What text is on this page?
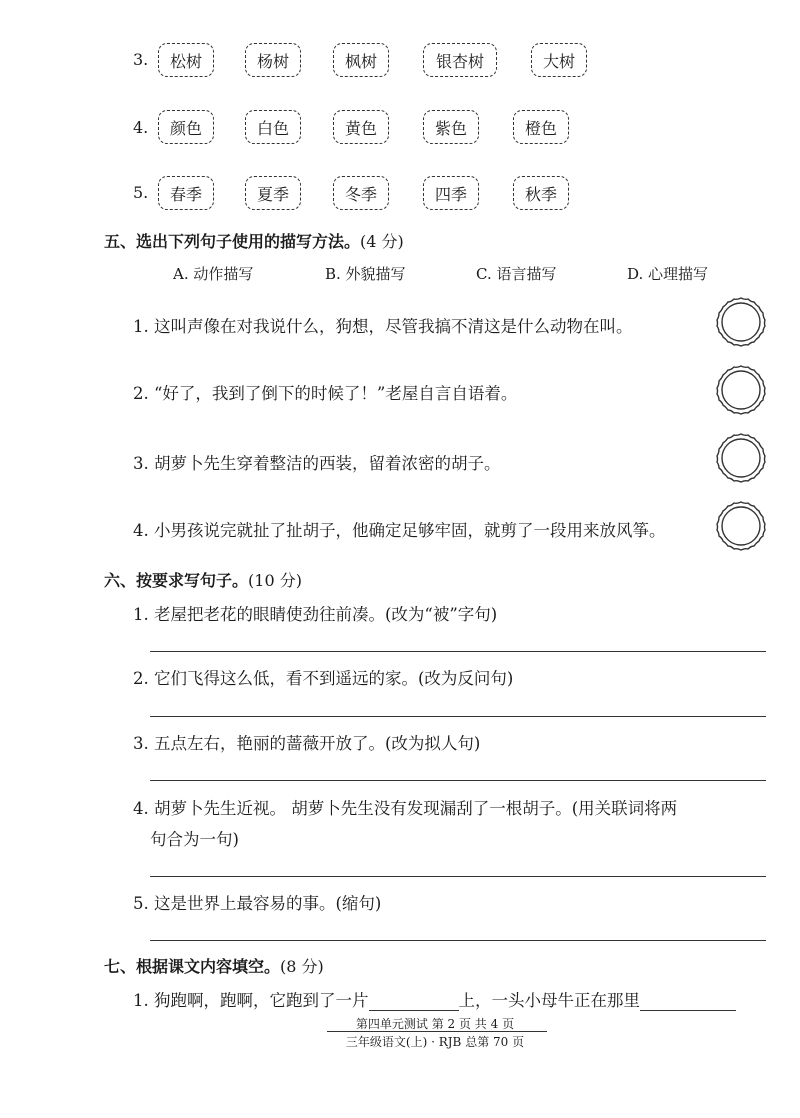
3.	松树	杨树	枫树	银杏树	大树
4.	颜色	白色	黄色	紫色	橙色
5.	春季	夏季	冬季	四季	秋季
五、选出下列句子使用的描写方法。(4 分)
A. 动作描写	B. 外貌描写	C. 语言描写	D. 心理描写
1. 这叫声像在对我说什么，狗想，尽管我搞不清这是什么动物在叫。
2. “好了，我到了倒下的时候了！”老屋自言自语着。
3. 胡萝卜先生穿着整洁的西装，留着浓密的胡子。
4. 小男孩说完就扯了扯胡子，他确定足够牢固，就剪了一段用来放风筝。
六、按要求写句子。(10 分)
1. 老屋把老花的眼睛使劲往前凑。(改为“被”字句)
2. 它们飞得这么低，看不到遥远的家。(改为反问句)
3. 五点左右，艳丽的蔷薇开放了。(改为拟人句)
4. 胡萝卜先生近视。 胡萝卜先生没有发现漏刮了一根胡子。(用关联词将两
句合为一句)
5. 这是世界上最容易的事。(缩句)
七、根据课文内容填空。(8 分)
1. 狗跑啊，跑啊，它跑到了一片	上，一头小母牛正在那里
第四单元测试 第 2 页 共 4 页
三年级语文(上) · RJB 总第 70 页
